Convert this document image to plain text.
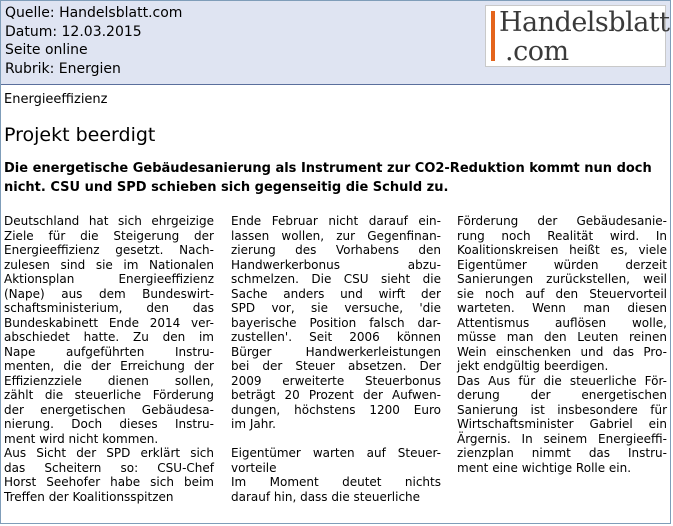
Quelle: Handelsblatt.com
Datum: 12.03.2015
Seite online
Rubrik: Energien
Handelsblatt
.com
Energieeffizienz
Projekt beerdigt

Die energetische Gebäudesanierung als Instrument zur CO2-Reduktion kommt nun doch
nicht. CSU und SPD schieben sich gegenseitig die Schuld zu.

Deutschland hat sich ehrgeizige
Ziele für die Steigerung der
Energieeffizienz gesetzt. Nach-
zulesen sind sie im Nationalen
Aktionsplan Energieeffizienz
(Nape) aus dem Bundeswirt-
schaftsministerium, den das
Bundeskabinett Ende 2014 ver-
abschiedet hatte. Zu den im
Nape aufgeführten Instru-
menten, die der Erreichung der
Effizienzziele dienen sollen,
zählt die steuerliche Förderung
der energetischen Gebäudesa-
nierung. Doch dieses Instru-
ment wird nicht kommen.
Aus Sicht der SPD erklärt sich
das Scheitern so: CSU-Chef
Horst Seehofer habe sich beim
Treffen der Koalitionsspitzen
Ende Februar nicht darauf ein-
lassen wollen, zur Gegenfinan-
zierung des Vorhabens den
Handwerkerbonus abzu-
schmelzen. Die CSU sieht die
Sache anders und wirft der
SPD vor, sie versuche, 'die
bayerische Position falsch dar-
zustellen'. Seit 2006 können
Bürger Handwerkerleistungen
bei der Steuer absetzen. Der
2009 erweiterte Steuerbonus
beträgt 20 Prozent der Aufwen-
dungen, höchstens 1200 Euro
im Jahr.
Eigentümer warten auf Steuer-
vorteile
Im Moment deutet nichts
darauf hin, dass die steuerliche
Förderung der Gebäudesanie-
rung noch Realität wird. In
Koalitionskreisen heißt es, viele
Eigentümer würden derzeit
Sanierungen zurückstellen, weil
sie noch auf den Steuervorteil
warteten. Wenn man diesen
Attentismus auflösen wolle,
müsse man den Leuten reinen
Wein einschenken und das Pro-
jekt endgültig beerdigen.
Das Aus für die steuerliche För-
derung der energetischen
Sanierung ist insbesondere für
Wirtschaftsminister Gabriel ein
Ärgernis. In seinem Energieeffi-
zienzplan nimmt das Instru-
ment eine wichtige Rolle ein.
